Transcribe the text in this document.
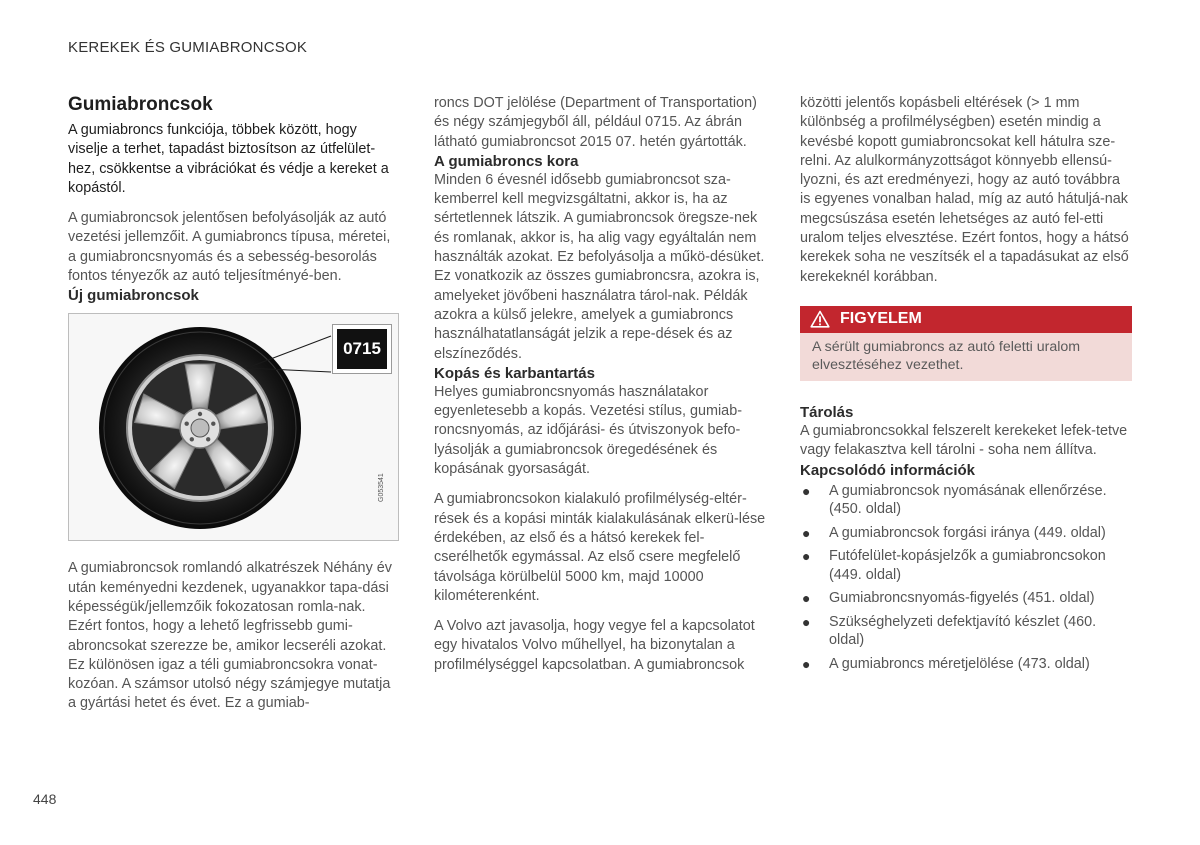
KEREKEK ÉS GUMIABRONCSOK
Gumiabroncsok

A gumiabroncs funkciója, többek között, hogy viselje a terhet, tapadást biztosítson az útfelület-hez, csökkentse a vibrációkat és védje a kereket a kopástól.

A gumiabroncsok jelentősen befolyásolják az autó vezetési jellemzőit. A gumiabroncs típusa, méretei, a gumiabroncsnyomás és a sebesség-besorolás fontos tényezők az autó teljesítményé-ben.

Új gumiabroncsok
0715
G053541

A gumiabroncsok romlandó alkatrészek Néhány év után keményedni kezdenek, ugyanakkor tapa-dási képességük/jellemzőik fokozatosan romla-nak. Ezért fontos, hogy a lehető legfrissebb gumi-abroncsokat szerezze be, amikor lecseréli azokat. Ez különösen igaz a téli gumiabroncsokra vonat-kozóan. A számsor utolsó négy számjegye mutatja a gyártási hetet és évet. Ez a gumiab-

roncs DOT jelölése (Department of Transportation) és négy számjegyből áll, például 0715. Az ábrán látható gumiabroncsot 2015 07. hetén gyártották.

A gumiabroncs kora

Minden 6 évesnél idősebb gumiabroncsot sza-kemberrel kell megvizsgáltatni, akkor is, ha az sértetlennek látszik. A gumiabroncsok öregsze-nek és romlanak, akkor is, ha alig vagy egyáltalán nem használták azokat. Ez befolyásolja a műkö-désüket. Ez vonatkozik az összes gumiabroncsra, azokra is, amelyeket jövőbeni használatra tárol-nak. Példák azokra a külső jelekre, amelyek a gumiabroncs használhatatlanságát jelzik a repe-dések és az elszíneződés.

Kopás és karbantartás

Helyes gumiabroncsnyomás használatakor egyenletesebb a kopás. Vezetési stílus, gumiab-roncsnyomás, az időjárási- és útviszonyok befo-lyásolják a gumiabroncsok öregedésének és kopásának gyorsaságát.

A gumiabroncsokon kialakuló profilmélység-eltér-rések és a kopási minták kialakulásának elkerü-lése érdekében, az első és a hátsó kerekek fel-cserélhetők egymással. Az első csere megfelelő távolsága körülbelül 5000 km, majd 10000 kilométerenként.

A Volvo azt javasolja, hogy vegye fel a kapcsolatot egy hivatalos Volvo műhellyel, ha bizonytalan a profilmélységgel kapcsolatban. A gumiabroncsok

közötti jelentős kopásbeli eltérések (> 1 mm különbség a profilmélységben) esetén mindig a kevésbé kopott gumiabroncsokat kell hátulra sze-relni. Az alulkormányzottságot könnyebb ellensú-lyozni, és azt eredményezi, hogy az autó továbbra is egyenes vonalban halad, míg az autó hátuljá-nak megcsúszása esetén lehetséges az autó fel-etti uralom teljes elvesztése. Ezért fontos, hogy a hátsó kerekek soha ne veszítsék el a tapadásukat az első kerekeknél korábban.

FIGYELEM

A sérült gumiabroncs az autó feletti uralom elvesztéséhez vezethet.

Tárolás

A gumiabroncsokkal felszerelt kerekeket lefek-tetve vagy felakasztva kell tárolni - soha nem állítva.

Kapcsolódó információk
● A gumiabroncsok nyomásának ellenőrzése. (450. oldal)
● A gumiabroncsok forgási iránya (449. oldal)
● Futófelület-kopásjelzők a gumiabroncsokon (449. oldal)
● Gumiabroncsnyomás-figyelés (451. oldal)
● Szükséghelyzeti defektjavító készlet (460. oldal)
● A gumiabroncs méretjelölése (473. oldal)
448
